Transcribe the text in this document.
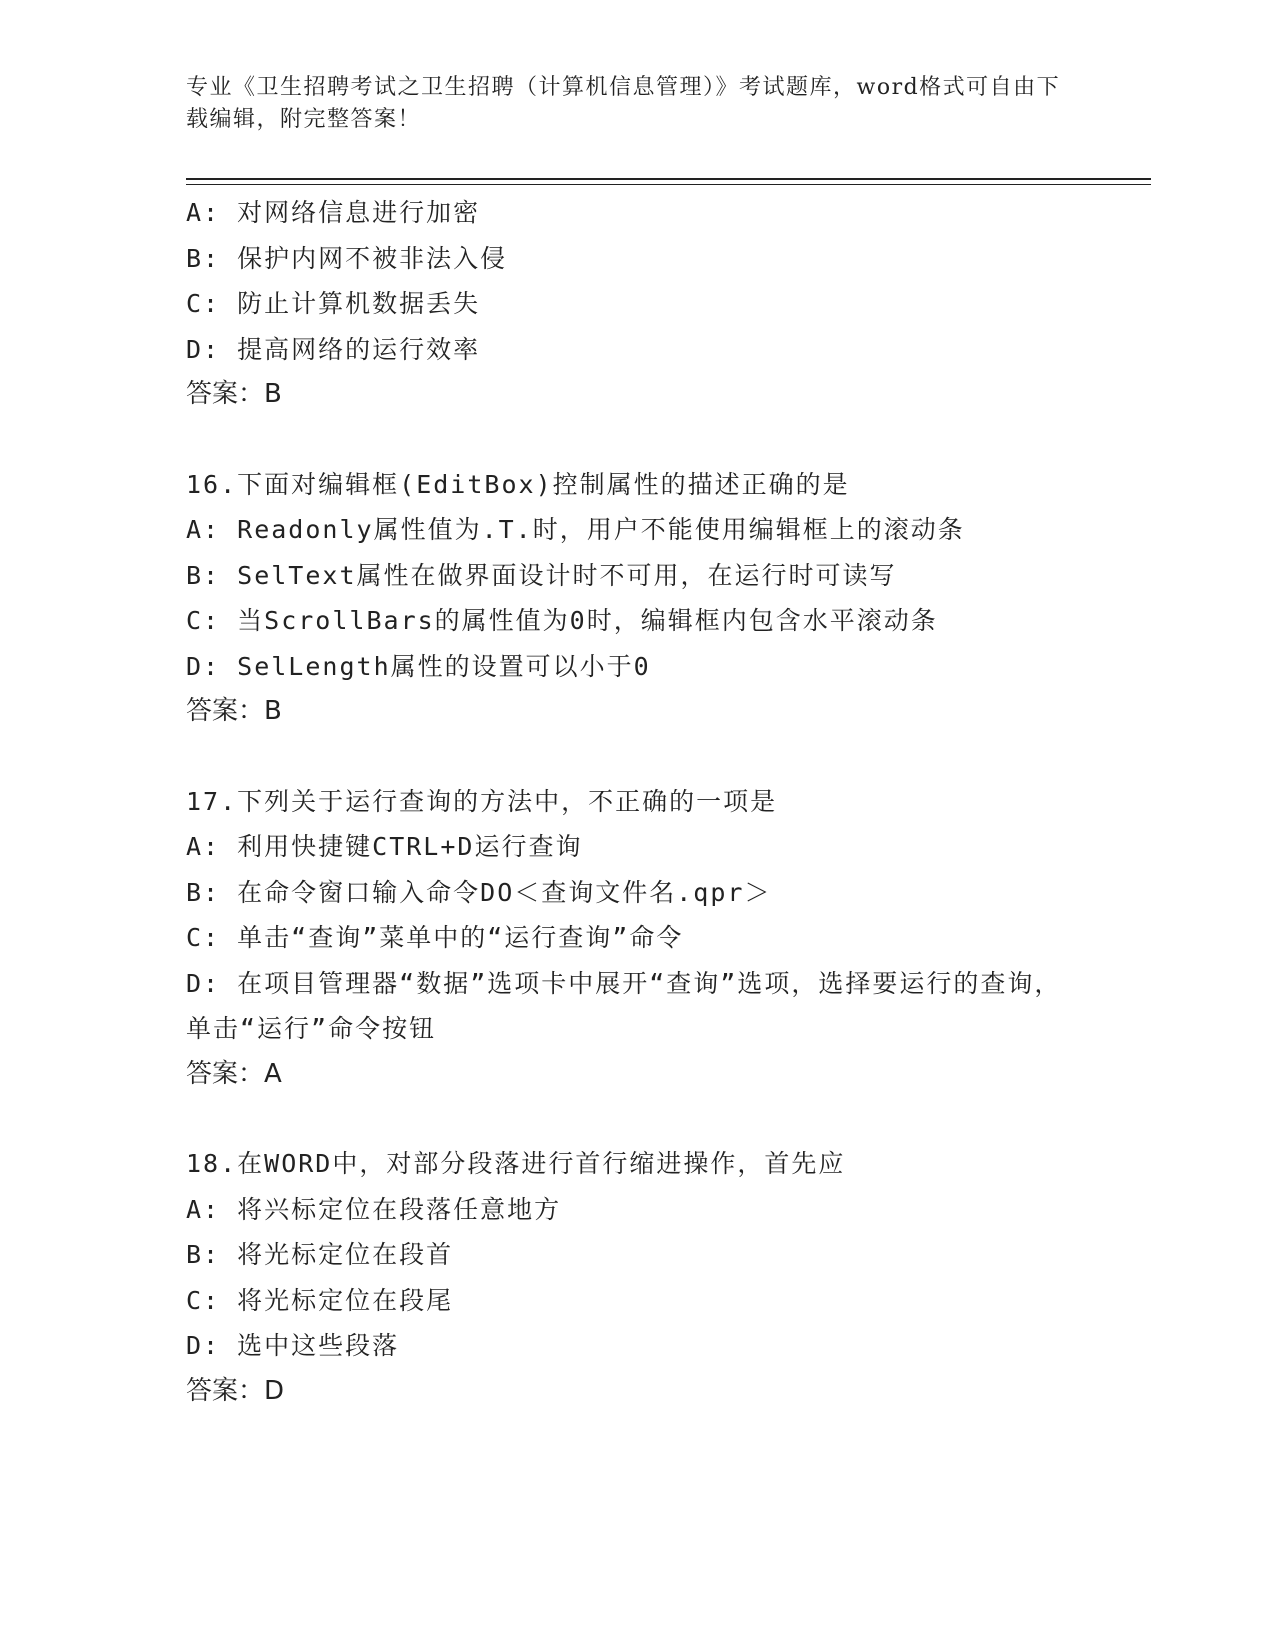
专业《卫生招聘考试之卫生招聘（计算机信息管理）》考试题库，word格式可自由下载编辑，附完整答案！
A: 对网络信息进行加密
B: 保护内网不被非法入侵
C: 防止计算机数据丢失
D: 提高网络的运行效率
答案：B
16.下面对编辑框(EditBox)控制属性的描述正确的是
A: Readonly属性值为.T.时，用户不能使用编辑框上的滚动条
B: SelText属性在做界面设计时不可用，在运行时可读写
C: 当ScrollBars的属性值为0时，编辑框内包含水平滚动条
D: SelLength属性的设置可以小于0
答案：B
17.下列关于运行查询的方法中，不正确的一项是
A: 利用快捷键CTRL+D运行查询
B: 在命令窗口输入命令DO＜查询文件名.qpr＞
C: 单击“查询”菜单中的“运行查询”命令
D: 在项目管理器“数据”选项卡中展开“查询”选项，选择要运行的查询，单击“运行”命令按钮
答案：A
18.在WORD中，对部分段落进行首行缩进操作，首先应
A: 将兴标定位在段落任意地方
B: 将光标定位在段首
C: 将光标定位在段尾
D: 选中这些段落
答案：D
